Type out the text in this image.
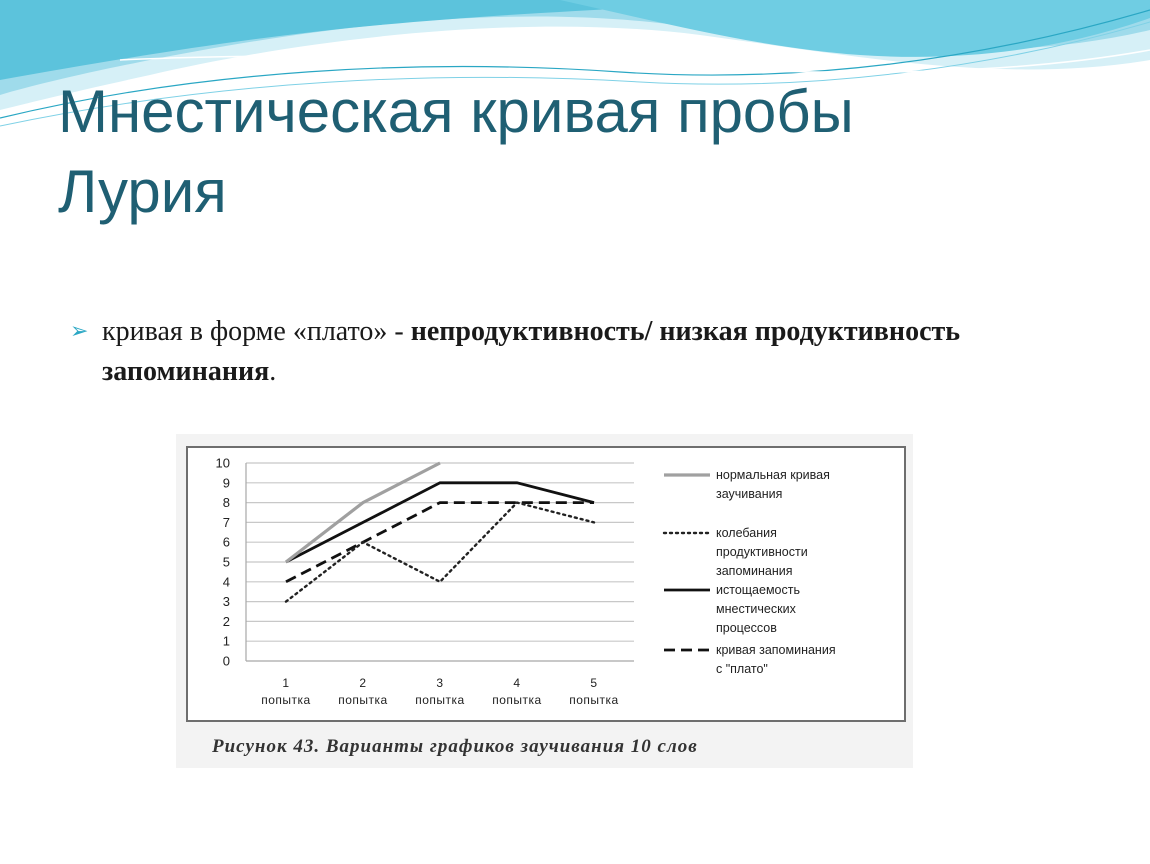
Мнестическая кривая пробы
Лурия
➢ кривая в форме «плато» - непродуктивность/ низкая продуктивность запоминания.
0
1
2
3
4
5
6
7
8
9
10
1
попытка
2
попытка
3
попытка
4
попытка
5
попытка
нормальная кривая
заучивания
колебания
продуктивности
запоминания
истощаемость
мнестических
процессов
кривая запоминания
с "плато"
Рисунок 43. Варианты графиков заучивания 10 слов
